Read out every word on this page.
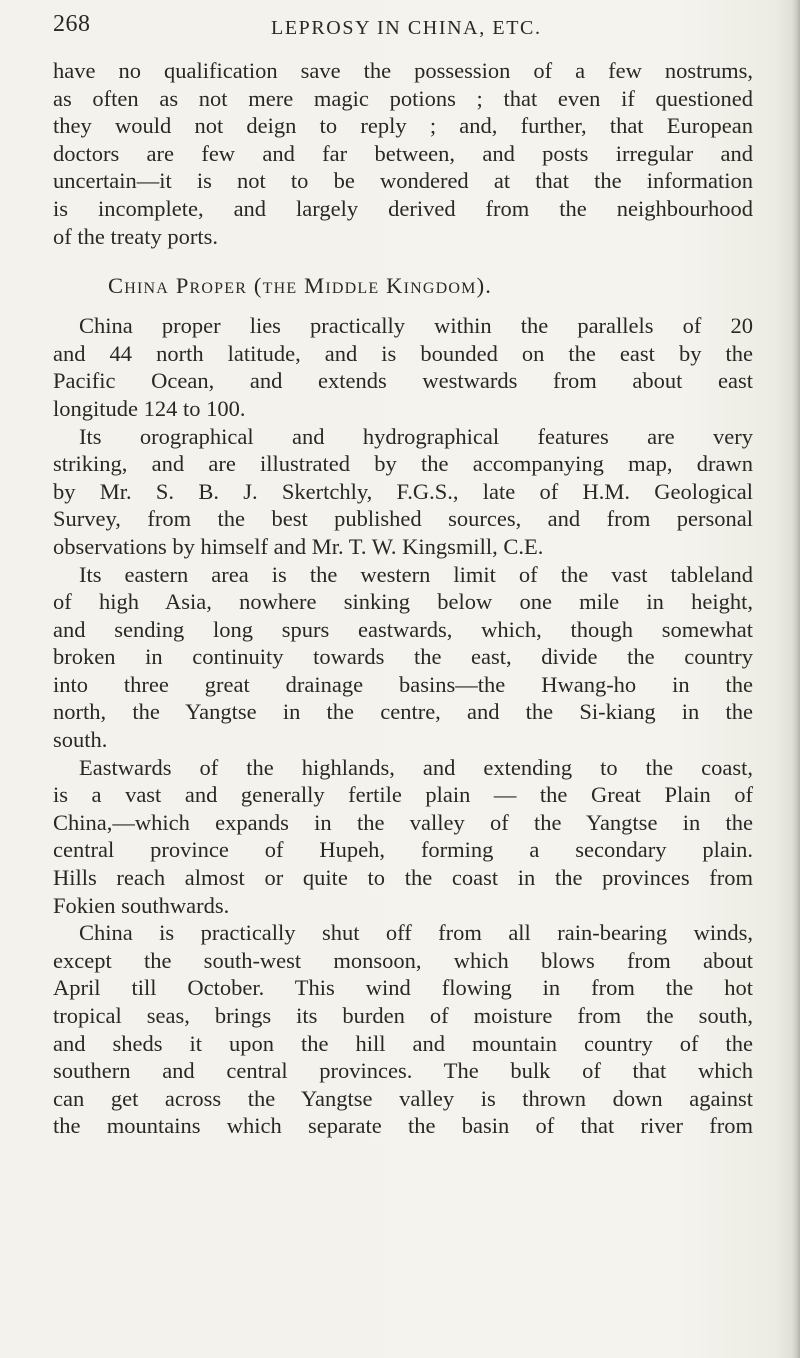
268	LEPROSY IN CHINA, ETC.
have no qualification save the possession of a few nostrums,
as often as not mere magic potions ; that even if questioned
they would not deign to reply ; and, further, that European
doctors are few and far between, and posts irregular and
uncertain—it is not to be wondered at that the information
is incomplete, and largely derived from the neighbourhood
of the treaty ports.
China Proper (the Middle Kingdom).
China proper lies practically within the parallels of 20
and 44 north latitude, and is bounded on the east by the
Pacific Ocean, and extends westwards from about east
longitude 124 to 100.
Its orographical and hydrographical features are very
striking, and are illustrated by the accompanying map, drawn
by Mr. S. B. J. Skertchly, F.G.S., late of H.M. Geological
Survey, from the best published sources, and from personal
observations by himself and Mr. T. W. Kingsmill, C.E.
Its eastern area is the western limit of the vast tableland
of high Asia, nowhere sinking below one mile in height,
and sending long spurs eastwards, which, though somewhat
broken in continuity towards the east, divide the country
into three great drainage basins—the Hwang-ho in the
north, the Yangtse in the centre, and the Si-kiang in the
south.
Eastwards of the highlands, and extending to the coast,
is a vast and generally fertile plain — the Great Plain of
China,—which expands in the valley of the Yangtse in the
central province of Hupeh, forming a secondary plain.
Hills reach almost or quite to the coast in the provinces from
Fokien southwards.
China is practically shut off from all rain-bearing winds,
except the south-west monsoon, which blows from about
April till October. This wind flowing in from the hot
tropical seas, brings its burden of moisture from the south,
and sheds it upon the hill and mountain country of the
southern and central provinces. The bulk of that which
can get across the Yangtse valley is thrown down against
the mountains which separate the basin of that river from
